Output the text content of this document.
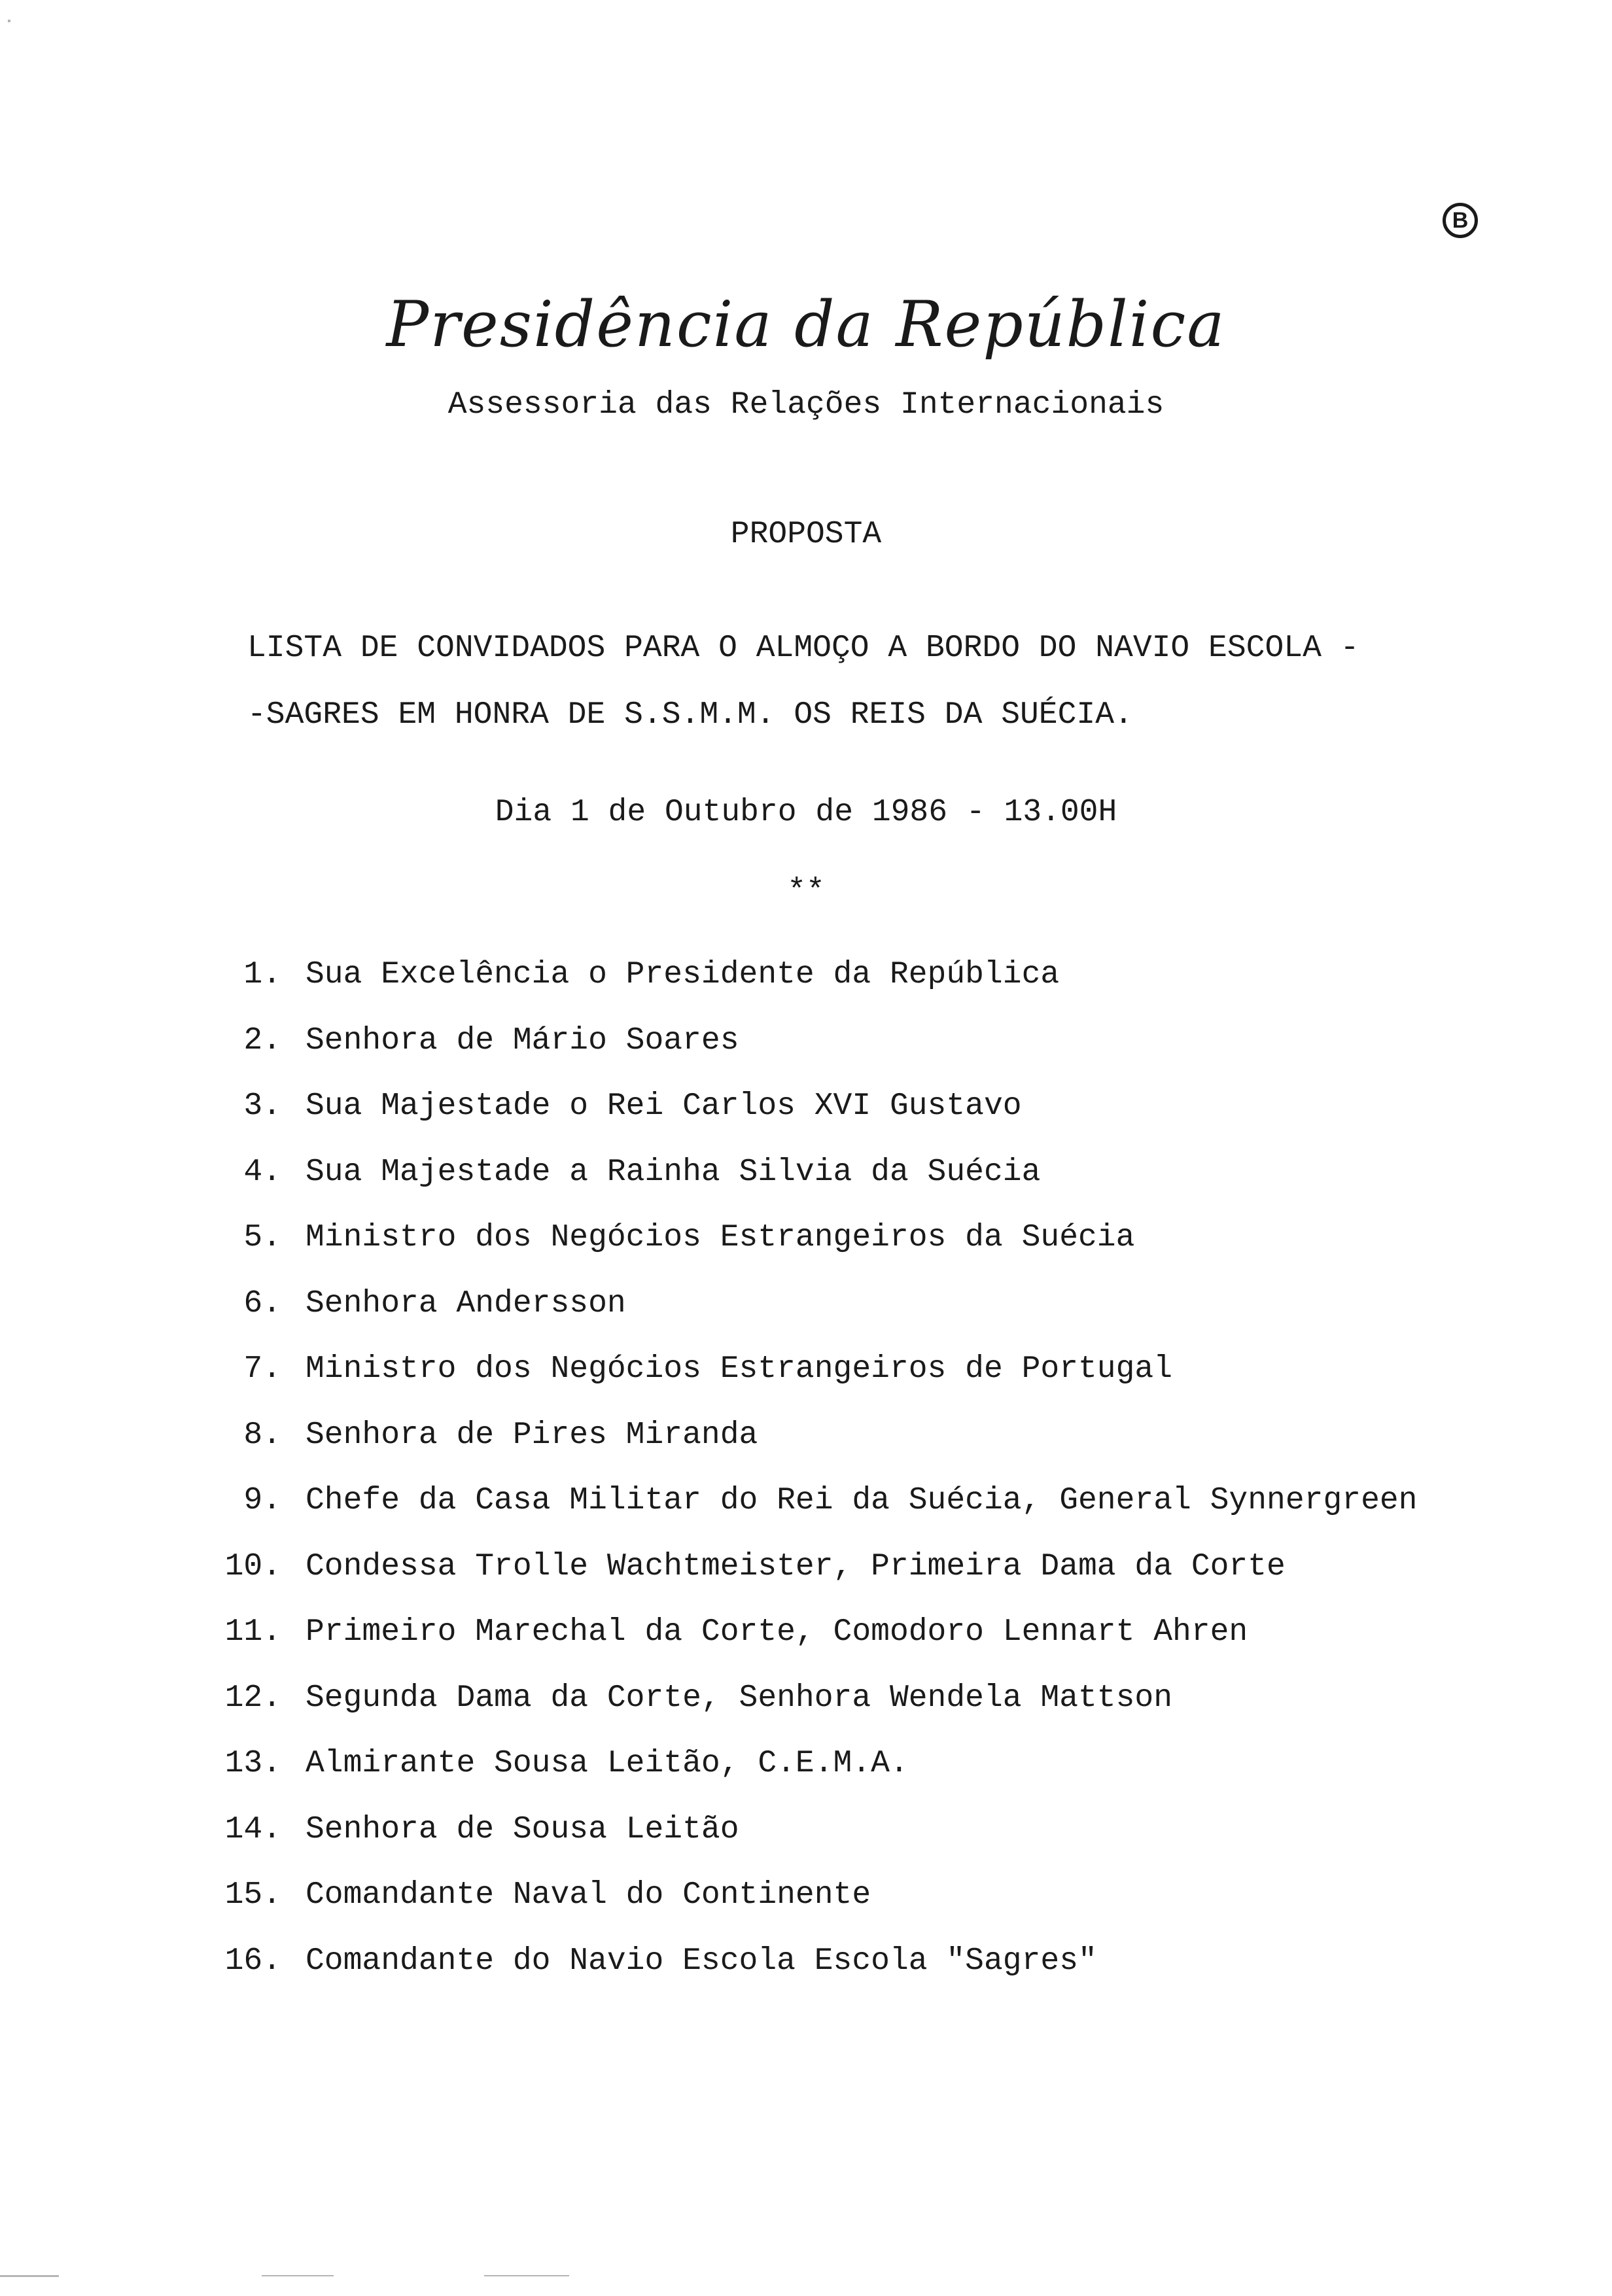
B
Presidência da República
Assessoria das Relações Internacionais
PROPOSTA
LISTA DE CONVIDADOS PARA O ALMOÇO A BORDO DO NAVIO ESCOLA -
-SAGRES EM HONRA DE S.S.M.M. OS REIS DA SUÉCIA.
Dia 1 de Outubro de 1986 - 13.00H
**
1. Sua Excelência o Presidente da República
2. Senhora de Mário Soares
3. Sua Majestade o Rei Carlos XVI Gustavo
4. Sua Majestade a Rainha Silvia da Suécia
5. Ministro dos Negócios Estrangeiros da Suécia
6. Senhora Andersson
7. Ministro dos Negócios Estrangeiros de Portugal
8. Senhora de Pires Miranda
9. Chefe da Casa Militar do Rei da Suécia, General Synnergreen
10. Condessa Trolle Wachtmeister, Primeira Dama da Corte
11. Primeiro Marechal da Corte, Comodoro Lennart Ahren
12. Segunda Dama da Corte, Senhora Wendela Mattson
13. Almirante Sousa Leitão, C.E.M.A.
14. Senhora de Sousa Leitão
15. Comandante Naval do Continente
16. Comandante do Navio Escola Escola "Sagres"
